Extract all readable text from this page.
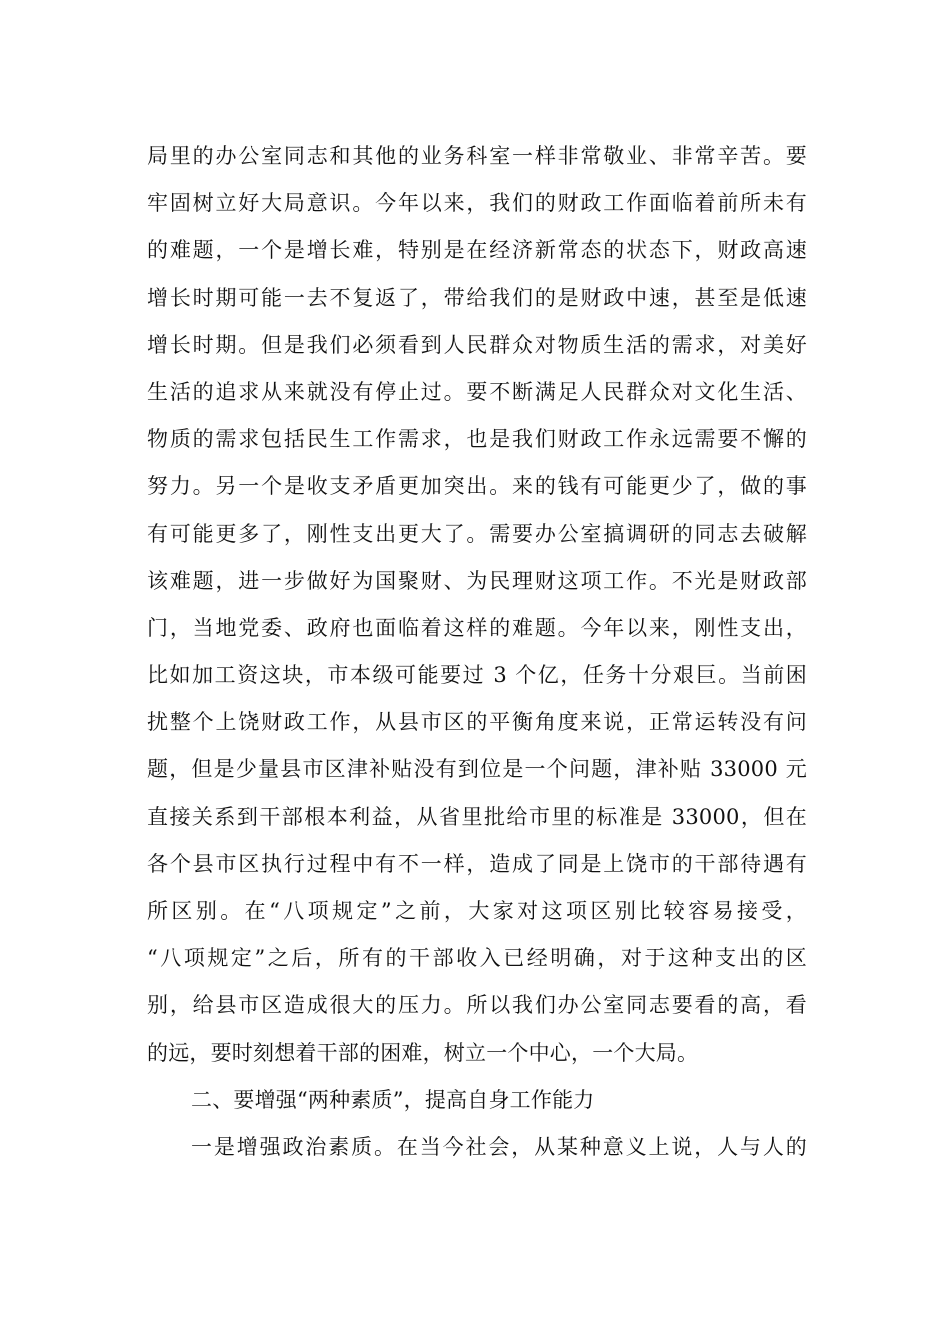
局里的办公室同志和其他的业务科室一样非常敬业、非常辛苦。要
牢固树立好大局意识。今年以来，我们的财政工作面临着前所未有
的难题，一个是增长难，特别是在经济新常态的状态下，财政高速
增长时期可能一去不复返了，带给我们的是财政中速，甚至是低速
增长时期。但是我们必须看到人民群众对物质生活的需求，对美好
生活的追求从来就没有停止过。要不断满足人民群众对文化生活、
物质的需求包括民生工作需求，也是我们财政工作永远需要不懈的
努力。另一个是收支矛盾更加突出。来的钱有可能更少了，做的事
有可能更多了，刚性支出更大了。需要办公室搞调研的同志去破解
该难题，进一步做好为国聚财、为民理财这项工作。不光是财政部
门，当地党委、政府也面临着这样的难题。今年以来，刚性支出，
比如加工资这块，市本级可能要过 3 个亿，任务十分艰巨。当前困
扰整个上饶财政工作，从县市区的平衡角度来说，正常运转没有问
题，但是少量县市区津补贴没有到位是一个问题，津补贴 33000 元
直接关系到干部根本利益，从省里批给市里的标准是 33000，但在
各个县市区执行过程中有不一样，造成了同是上饶市的干部待遇有
所区别。在“八项规定”之前，大家对这项区别比较容易接受，
“八项规定”之后，所有的干部收入已经明确，对于这种支出的区
别，给县市区造成很大的压力。所以我们办公室同志要看的高，看
的远，要时刻想着干部的困难，树立一个中心，一个大局。
二、要增强“两种素质”，提高自身工作能力
一是增强政治素质。在当今社会，从某种意义上说，人与人的
